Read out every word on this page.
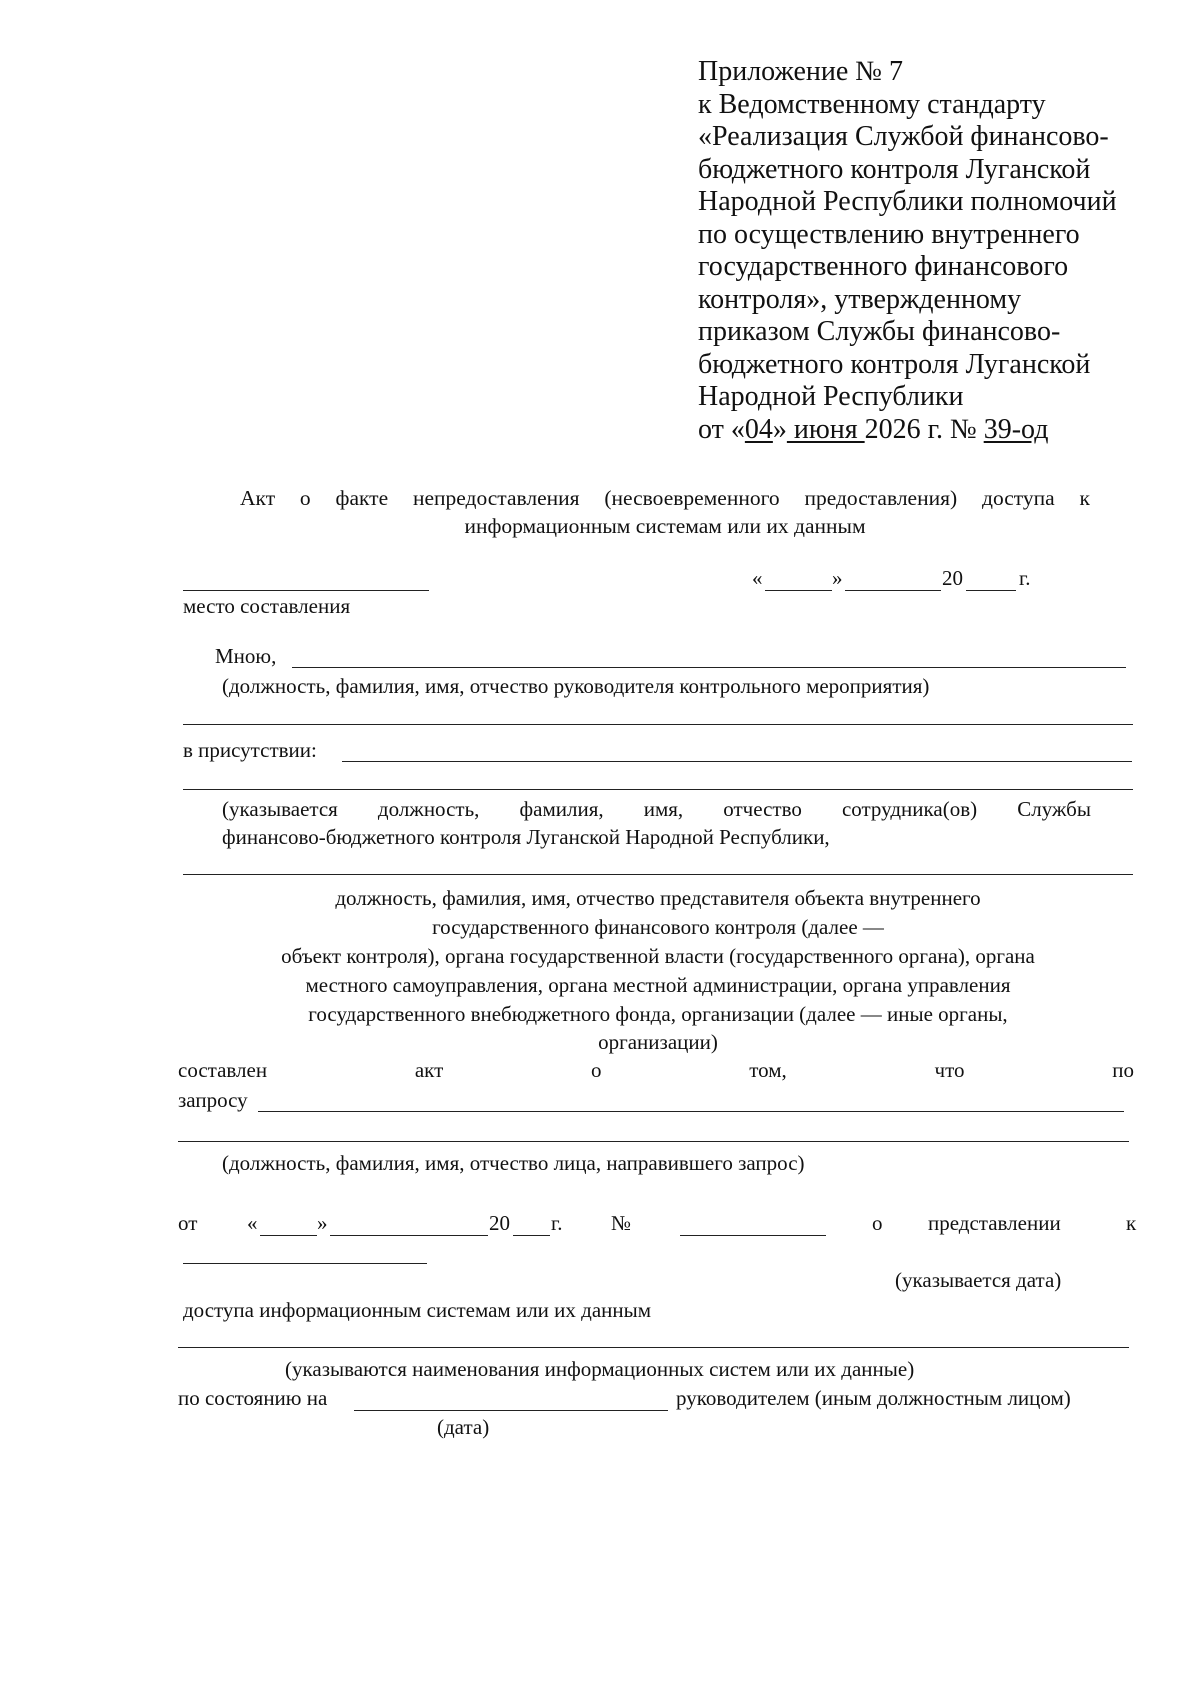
Приложение № 7
к Ведомственному стандарту
«Реализация Службой финансово-
бюджетного контроля Луганской
Народной Республики полномочий
по осуществлению внутреннего
государственного финансового
контроля», утвержденному
приказом Службы финансово-
бюджетного контроля Луганской
Народной Республики
от «04» июня 2026 г. № 39-од
Акт о факте непредоставления (несвоевременного предоставления) доступа к
информационным системам или их данным
«	»	20	г.
место составления
Мною,
(должность, фамилия, имя, отчество руководителя контрольного мероприятия)
в присутствии:
(указывается должность, фамилия, имя, отчество сотрудника(ов) Службы
финансово-бюджетного контроля Луганской Народной Республики,
должность, фамилия, имя, отчество представителя объекта внутреннего
государственного финансового контроля (далее —
объект контроля), органа государственной власти (государственного органа), органа
местного самоуправления, органа местной администрации, органа управления
государственного внебюджетного фонда, организации (далее — иные органы,
организации)
составлен	акт	о	том,	что	по
запросу
(должность, фамилия, имя, отчество лица, направившего запрос)
от «	»	20 г. №	о представлении	к
(указывается дата)
доступа информационным системам или их данным
(указываются наименования информационных систем или их данные)
по состоянию на	руководителем (иным должностным лицом)
(дата)
